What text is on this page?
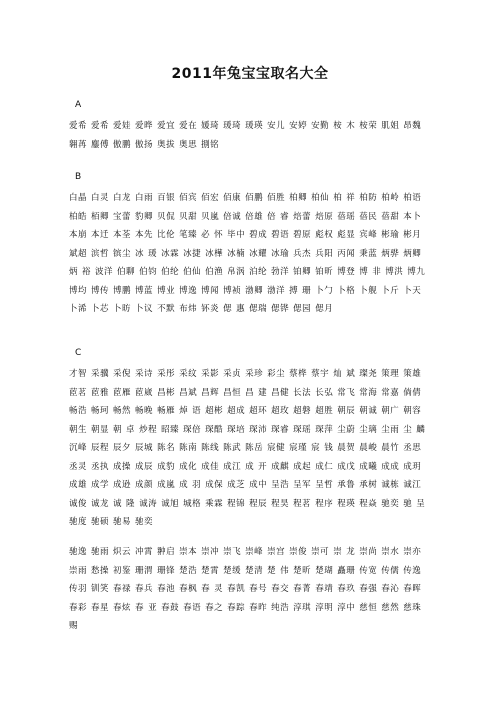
2011年兔宝宝取名大全
A
爱希 爱希 爱娃 爱晔 爱宜 爱在 媛琦 瑗琦 瑗瑛 安儿 安婷 安勤 桉 木 桉荣 肌姐 昂魏
翱苒 鏖傅 傲鹏 傲扬 奥拔 奥思 捌铭
B
白晶 白灵 白龙 白雨 百银 佰宾 佰宏 佰康 佰鹏 佰胜 柏卿 柏仙 柏 祥 柏防 柏岭 柏语
柏皓 栢卿 宝蕾 豹卿 贝侃 贝甜 贝嵐 倍诚 倍雄 倍 睿 焙蕾 焙原 蓓瑶 蓓民 蓓甜 本卜
本崩 本迁 本荃 本先 比伦 笔臻 必 怀 毕中 碧成 碧语 碧原 彪权 彪显 宾峰 彬瑜 彬月
斌超 滨哲 镔尘 冰 瑗 冰霖 冰捷 冰樺 冰楠 冰耀 冰瑜 兵杰 兵阳 丙闻 秉蓝 炳骅 炳卿
炳 裕 波洋 伯聊 伯钧 伯纶 伯仙 伯渔 帛涡 泊纶 勃洋 铂卿 铂昕 博登 博 非 博洪 博九
博均 博传 博鹏 博蓝 博业 博逸 博闻 博祯 渤卿 渤洋 搏 珊 卜勹 卜格 卜舰 卜斤 卜天
卜浠 卜芯 卜昉 卜议 不默 布炜 钚炎 偲 惠 偲瑞 偲铧 偲园 偲月
C
才智 采骥 采倪 采诗 采彤 采纹 采影 采贞 采珍 彩尘 蔡桦 蔡宇 灿 斌 璨尧 策理 策雄
茝茗 茝雅 茝雁 茝崴 昌彬 昌斌 昌辉 昌恒 昌 建 昌健 长法 长弘 常飞 常海 常嘉 倘倩
畅浩 畅珂 畅然 畅晚 畅雁 焯 语 超彬 超成 超环 超玫 超磐 超胜 朝辰 朝诚 朝广 朝容
朝生 朝显 朝 卓 炒程 昭臻 琛倍 琛酷 琛培 琛沛 琛睿 琛瑶 琛萍 尘蔚 尘璃 尘雨 尘 麟
沉峰 辰程 辰夕 辰城 陈名 陈南 陈线 陈武 陈岳 宸健 宸瑾 宸 钱 晨贺 晨峻 晨竹 丞思
丞灵 丞执 成操 成辰 成豹 成化 成佳 成江 成 开 成麒 成起 成仁 成戊 成曦 成成 成玥
成雄 成学 成逊 成颜 成嵐 成 羽 成保 成芝 成中 呈浩 呈军 呈哲 承鲁 承树 诚栋 诚江
诚俊 诚龙 诚 隆 诚涛 诚旭 城格 乘霖 程锦 程辰 程昊 程茗 程序 程瑛 程焱 驰奕 驰 呈
驰度 驰硕 驰易 驰奕
驰逸 驰雨 炽云 冲霄 翀启 崇本 崇冲 崇飞 崇峰 崇宫 崇俊 崇可 崇 龙 崇尚 崇水 崇亦
崇雨 愁操 初鉴 珊渭 珊锋 楚浩 楚霄 楚缓 楚清 楚 伟 楚昕 楚瑚 矗珊 传宽 传儒 传逸
传羽 钏笑 春禄 春兵 春池 春枫 春 灵 春凯 春号 春交 春菁 春靖 春玖 春强 春沁 春晖
春彩 春星 春炫 春 亚 春鼓 春语 春之 春踪 春昨 纯浩 淳琪 淳明 淳中 慈恒 慈然 慈珠
赐
